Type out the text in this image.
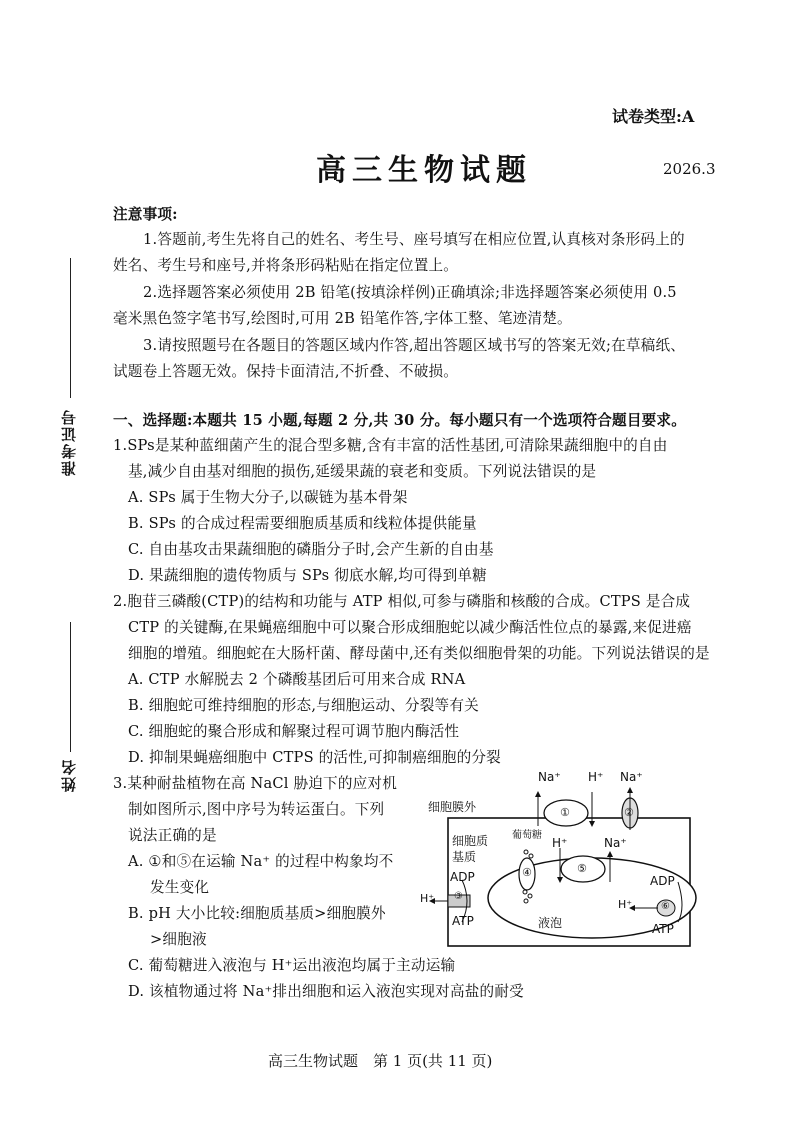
试卷类型:A
高三生物试题	2026.3
准考证号
姓名
注意事项:
1.答题前,考生先将自己的姓名、考生号、座号填写在相应位置,认真核对条形码上的
姓名、考生号和座号,并将条形码粘贴在指定位置上。
2.选择题答案必须使用 2B 铅笔(按填涂样例)正确填涂;非选择题答案必须使用 0.5
毫米黑色签字笔书写,绘图时,可用 2B 铅笔作答,字体工整、笔迹清楚。
3.请按照题号在各题目的答题区域内作答,超出答题区域书写的答案无效;在草稿纸、
试题卷上答题无效。保持卡面清洁,不折叠、不破损。
一、选择题:本题共 15 小题,每题 2 分,共 30 分。每小题只有一个选项符合题目要求。
1.SPs是某种蓝细菌产生的混合型多糖,含有丰富的活性基团,可清除果蔬细胞中的自由
基,减少自由基对细胞的损伤,延缓果蔬的衰老和变质。下列说法错误的是
A. SPs 属于生物大分子,以碳链为基本骨架
B. SPs 的合成过程需要细胞质基质和线粒体提供能量
C. 自由基攻击果蔬细胞的磷脂分子时,会产生新的自由基
D. 果蔬细胞的遗传物质与 SPs 彻底水解,均可得到单糖
2.胞苷三磷酸(CTP)的结构和功能与 ATP 相似,可参与磷脂和核酸的合成。CTPS 是合成
CTP 的关键酶,在果蝇癌细胞中可以聚合形成细胞蛇以减少酶活性位点的暴露,来促进癌
细胞的增殖。细胞蛇在大肠杆菌、酵母菌中,还有类似细胞骨架的功能。下列说法错误的是
A. CTP 水解脱去 2 个磷酸基团后可用来合成 RNA
B. 细胞蛇可维持细胞的形态,与细胞运动、分裂等有关
C. 细胞蛇的聚合形成和解聚过程可调节胞内酶活性
D. 抑制果蝇癌细胞中 CTPS 的活性,可抑制癌细胞的分裂
3.某种耐盐植物在高 NaCl 胁迫下的应对机
制如图所示,图中序号为转运蛋白。下列
说法正确的是
A. ①和⑤在运输 Na⁺ 的过程中构象均不
发生变化
B. pH 大小比较:细胞质基质>细胞膜外
>细胞液
C. 葡萄糖进入液泡与 H⁺运出液泡均属于主动运输
D. 该植物通过将 Na⁺排出细胞和运入液泡实现对高盐的耐受
细胞膜外
Na⁺ H⁺ Na⁺
①	②
细胞质
基质
葡萄糖
H⁺	Na⁺
④	⑤
ADP
H⁺
ATP
③
液泡
ADP
H⁺	⑥
ATP
高三生物试题　第 1 页(共 11 页)
